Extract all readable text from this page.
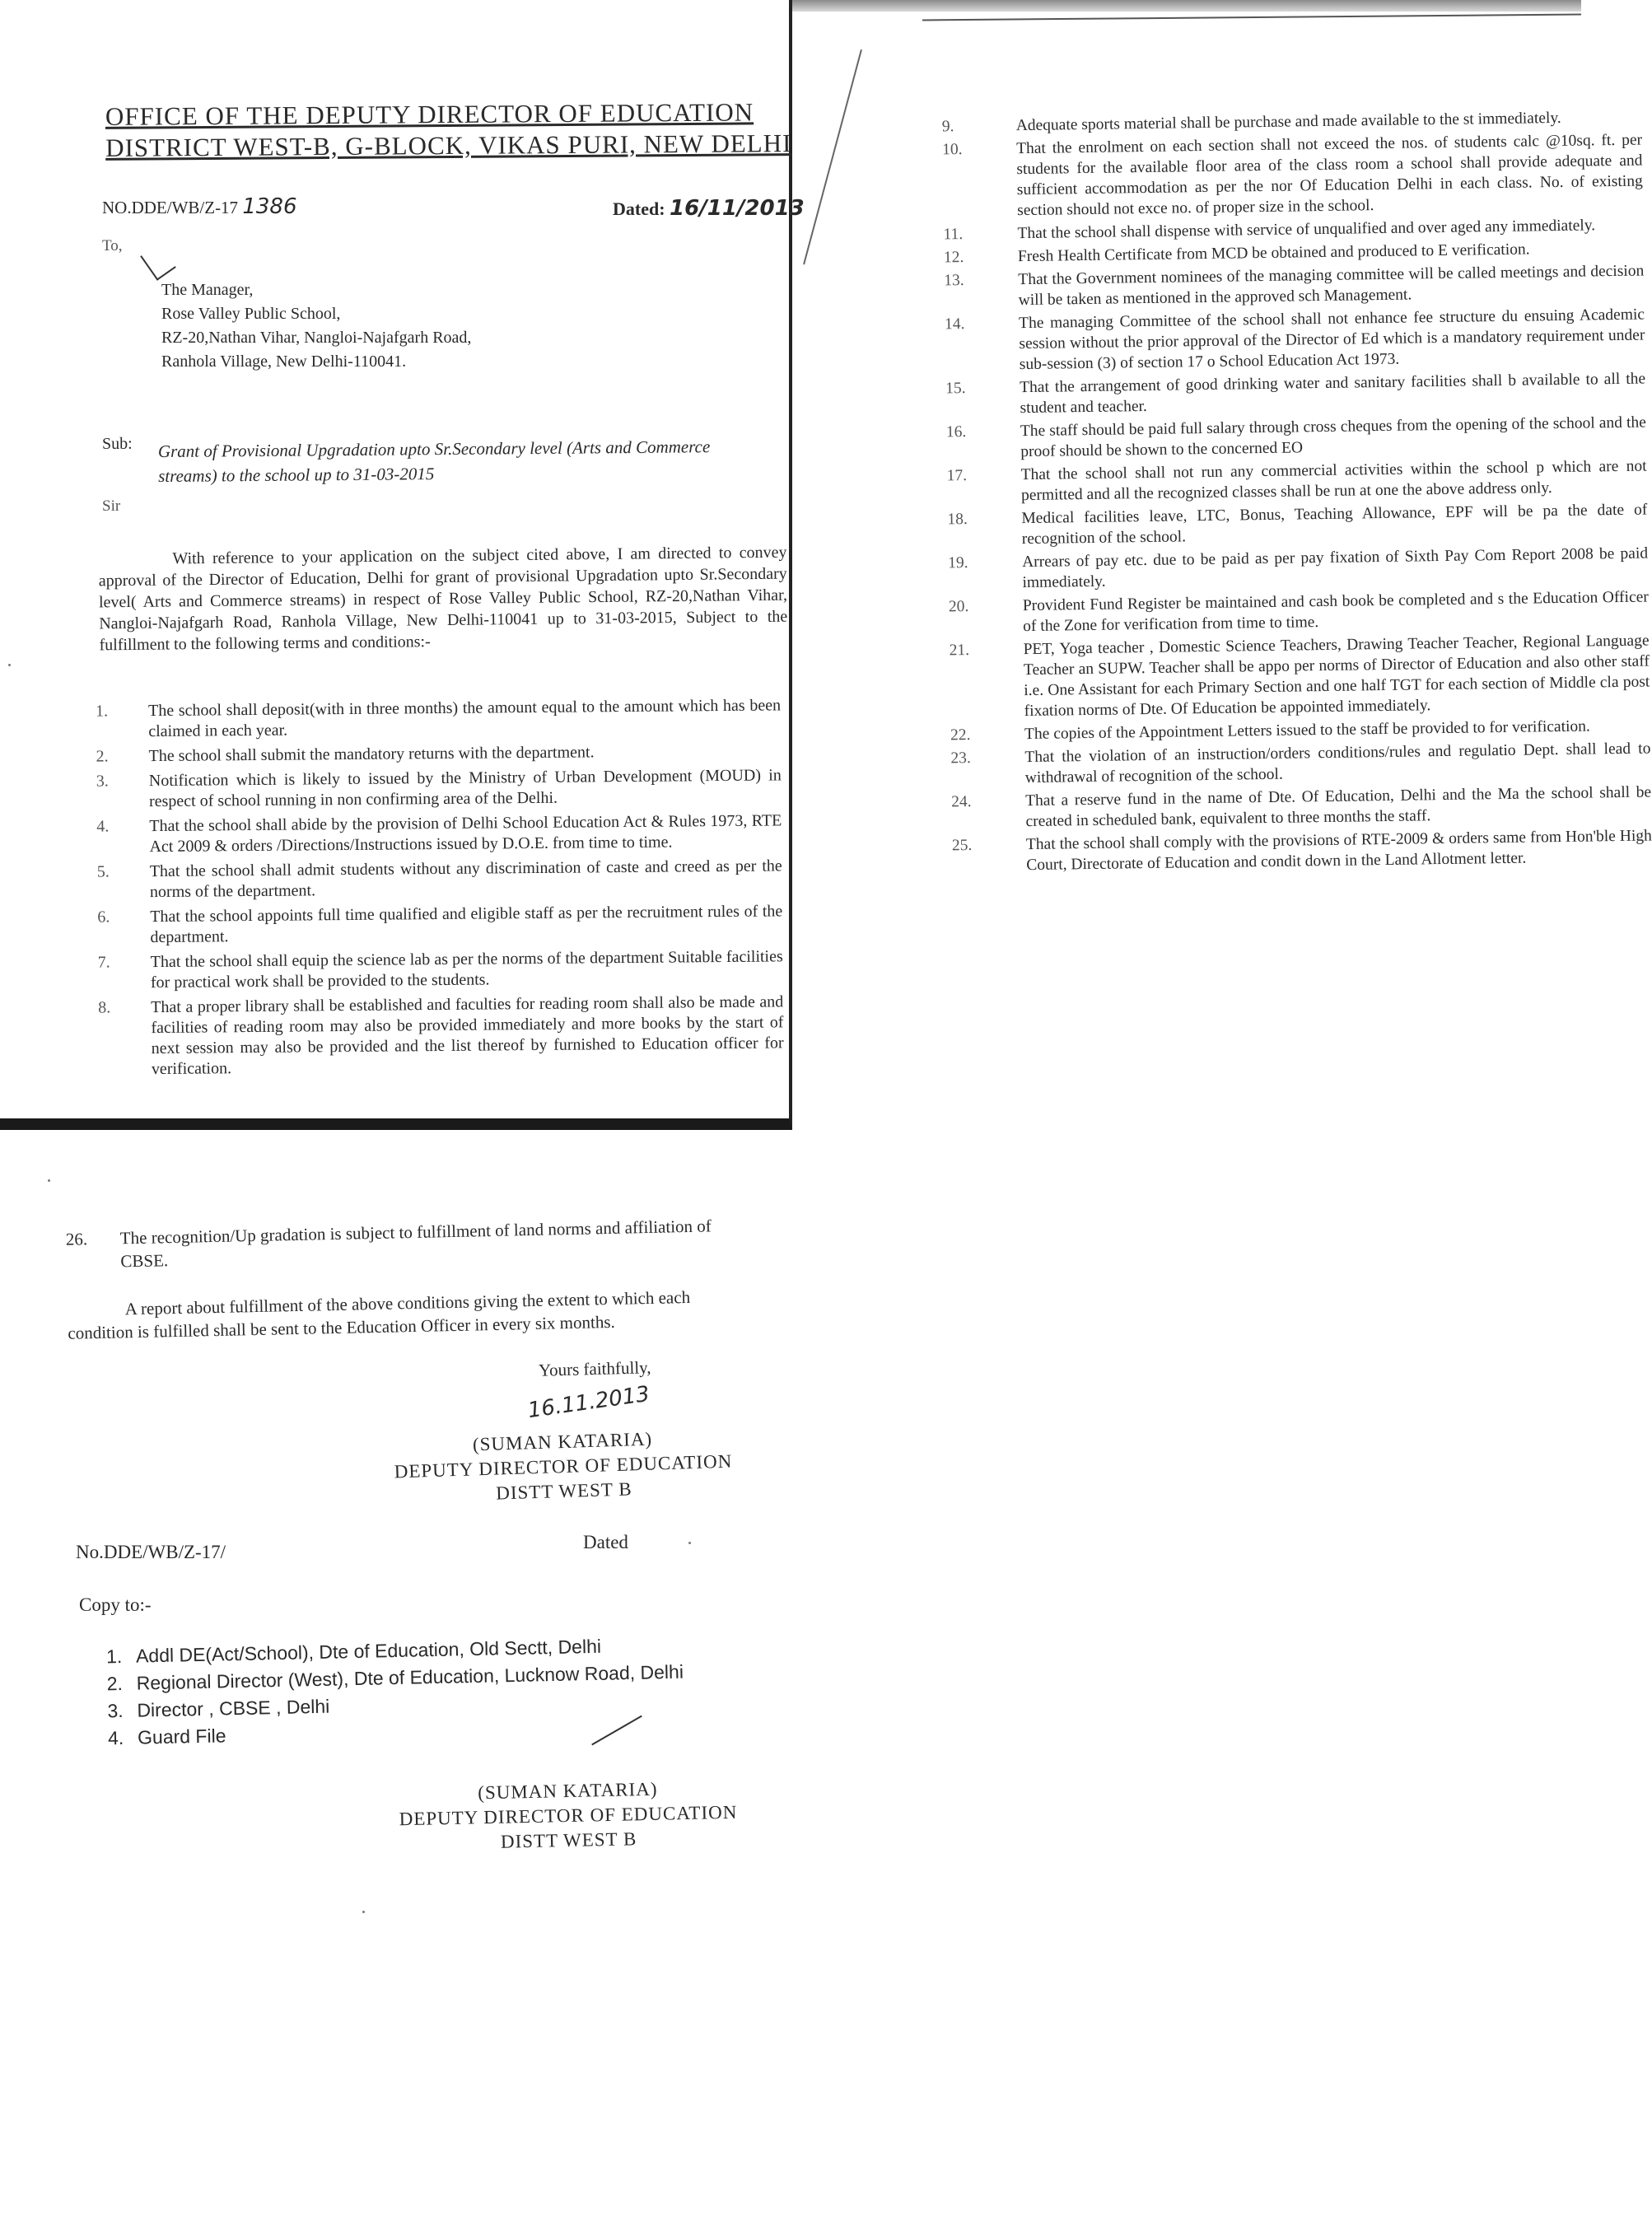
OFFICE OF THE DEPUTY DIRECTOR OF EDUCATION
DISTRICT WEST-B, G-BLOCK, VIKAS PURI, NEW DELHI
NO.DDE/WB/Z-17 1386	Dated: 16/11/2013
To,
The Manager,
Rose Valley Public School,
RZ-20,Nathan Vihar, Nangloi-Najafgarh Road,
Ranhola Village, New Delhi-110041.
Sub: Grant of Provisional Upgradation upto Sr.Secondary level (Arts and Commerce streams) to the school up to 31-03-2015
Sir
With reference to your application on the subject cited above, I am directed to convey approval of the Director of Education, Delhi for grant of provisional Upgradation upto Sr.Secondary level( Arts and Commerce streams) in respect of Rose Valley Public School, RZ-20,Nathan Vihar, Nangloi-Najafgarh Road, Ranhola Village, New Delhi-110041 up to 31-03-2015, Subject to the fulfillment to the following terms and conditions:-
1. The school shall deposit(with in three months) the amount equal to the amount which has been claimed in each year.
2. The school shall submit the mandatory returns with the department.
3. Notification which is likely to issued by the Ministry of Urban Development (MOUD) in respect of school running in non confirming area of the Delhi.
4. That the school shall abide by the provision of Delhi School Education Act & Rules 1973, RTE Act 2009 & orders /Directions/Instructions issued by D.O.E. from time to time.
5. That the school shall admit students without any discrimination of caste and creed as per the norms of the department.
6. That the school appoints full time qualified and eligible staff as per the recruitment rules of the department.
7. That the school shall equip the science lab as per the norms of the department Suitable facilities for practical work shall be provided to the students.
8. That a proper library shall be established and faculties for reading room shall also be made and facilities of reading room may also be provided immediately and more books by the start of next session may also be provided and the list thereof by furnished to Education officer for verification.
9.	Adequate sports material shall be purchase and made available to the st immediately.
10.	That the enrolment on each section shall not exceed the nos. of students calc @10sq. ft. per students for the available floor area of the class room a school shall provide adequate and sufficient accommodation as per the nor Of Education Delhi in each class. No. of existing section should not exce no. of proper size in the school.
11.	That the school shall dispense with service of unqualified and over aged any immediately.
12.	Fresh Health Certificate from MCD be obtained and produced to E verification.
13.	That the Government nominees of the managing committee will be called meetings and decision will be taken as mentioned in the approved sch Management.
14.	The managing Committee of the school shall not enhance fee structure du ensuing Academic session without the prior approval of the Director of Ed which is a mandatory requirement under sub-session (3) of section 17 o School Education Act 1973.
15.	That the arrangement of good drinking water and sanitary facilities shall b available to all the student and teacher.
16.	The staff should be paid full salary through cross cheques from the opening of the school and the proof should be shown to the concerned EO
17.	That the school shall not run any commercial activities within the school p which are not permitted and all the recognized classes shall be run at one the above address only.
18.	Medical facilities leave, LTC, Bonus, Teaching Allowance, EPF will be pa the date of recognition of the school.
19.	Arrears of pay etc. due to be paid as per pay fixation of Sixth Pay Com Report 2008 be paid immediately.
20.	Provident Fund Register be maintained and cash book be completed and s the Education Officer of the Zone for verification from time to time.
21.	PET, Yoga teacher , Domestic Science Teachers, Drawing Teacher Teacher, Regional Language Teacher an SUPW. Teacher shall be appo per norms of Director of Education and also other staff i.e. One Assistant for each Primary Section and one half TGT for each section of Middle cla post fixation norms of Dte. Of Education be appointed immediately.
22.	The copies of the Appointment Letters issued to the staff be provided to for verification.
23.	That the violation of an instruction/orders conditions/rules and regulatio Dept. shall lead to withdrawal of recognition of the school.
24.	That a reserve fund in the name of Dte. Of Education, Delhi and the Ma the school shall be created in scheduled bank, equivalent to three months the staff.
25.	That the school shall comply with the provisions of RTE-2009 & orders same from Hon'ble High Court, Directorate of Education and condit down in the Land Allotment letter.
26.	The recognition/Up gradation is subject to fulfillment of land norms and affiliation of CBSE.
A report about fulfillment of the above conditions giving the extent to which each condition is fulfilled shall be sent to the Education Officer in every six months.
Yours faithfully,
16.11.2013
(SUMAN KATARIA)
DEPUTY DIRECTOR OF EDUCATION
DISTT WEST B
No.DDE/WB/Z-17/	Dated
Copy to:-
1. Addl DE(Act/School), Dte of Education, Old Sectt, Delhi
2. Regional Director (West), Dte of Education, Lucknow Road, Delhi
3. Director , CBSE , Delhi
4. Guard File
(SUMAN KATARIA)
DEPUTY DIRECTOR OF EDUCATION
DISTT WEST B
